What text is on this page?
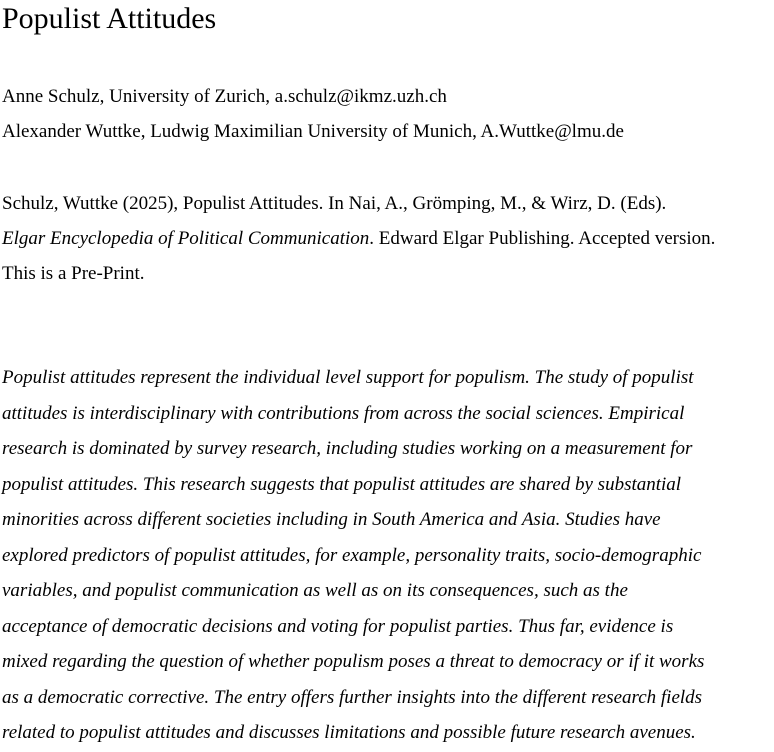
Populist Attitudes
Anne Schulz, University of Zurich, a.schulz@ikmz.uzh.ch
Alexander Wuttke, Ludwig Maximilian University of Munich, A.Wuttke@lmu.de
Schulz, Wuttke (2025), Populist Attitudes. In Nai, A., Grömping, M., & Wirz, D. (Eds).
Elgar Encyclopedia of Political Communication. Edward Elgar Publishing. Accepted version.
This is a Pre-Print.
Populist attitudes represent the individual level support for populism. The study of populist
attitudes is interdisciplinary with contributions from across the social sciences. Empirical
research is dominated by survey research, including studies working on a measurement for
populist attitudes. This research suggests that populist attitudes are shared by substantial
minorities across different societies including in South America and Asia. Studies have
explored predictors of populist attitudes, for example, personality traits, socio-demographic
variables, and populist communication as well as on its consequences, such as the
acceptance of democratic decisions and voting for populist parties. Thus far, evidence is
mixed regarding the question of whether populism poses a threat to democracy or if it works
as a democratic corrective. The entry offers further insights into the different research fields
related to populist attitudes and discusses limitations and possible future research avenues.
